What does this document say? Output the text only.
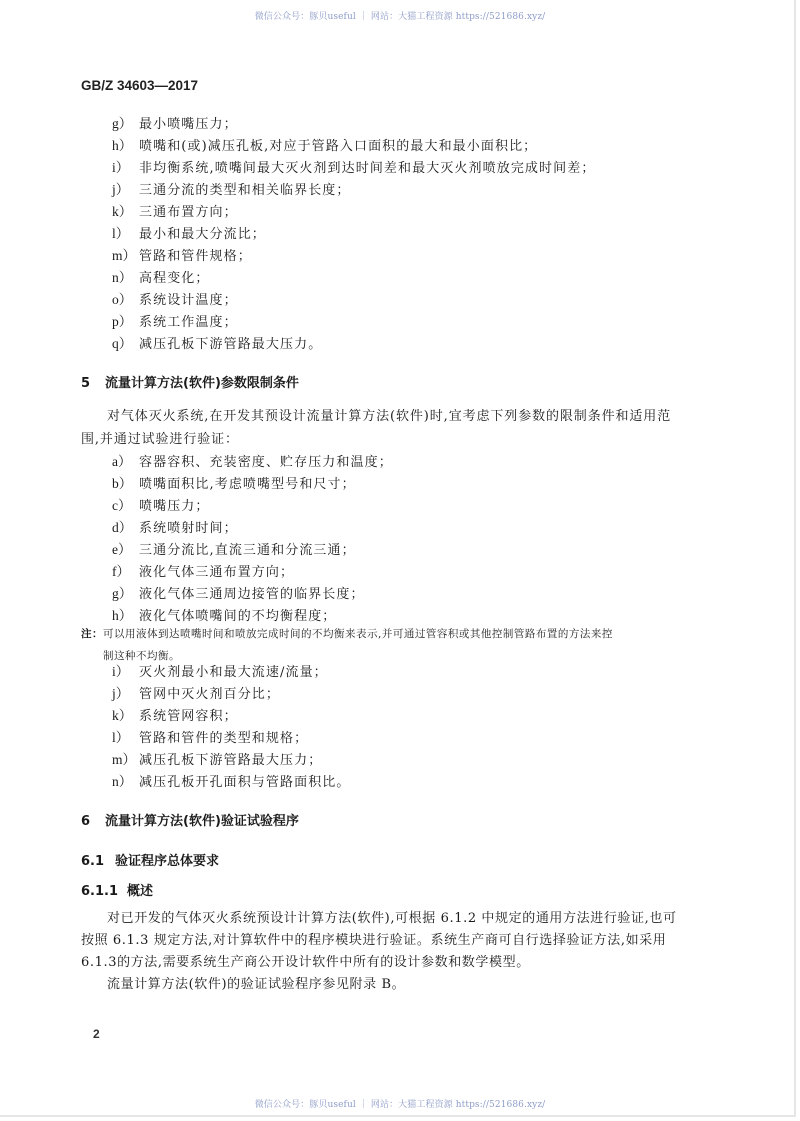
微信公众号：豚贝useful ｜ 网站：大猫工程资源 https://521686.xyz/
GB/Z 34603—2017
g） 最小喷嘴压力；
h） 喷嘴和(或)减压孔板,对应于管路入口面积的最大和最小面积比；
i） 非均衡系统,喷嘴间最大灭火剂到达时间差和最大灭火剂喷放完成时间差；
j） 三通分流的类型和相关临界长度；
k） 三通布置方向；
l） 最小和最大分流比；
m） 管路和管件规格；
n） 高程变化；
o） 系统设计温度；
p） 系统工作温度；
q） 减压孔板下游管路最大压力。
5 流量计算方法(软件)参数限制条件
对气体灭火系统,在开发其预设计流量计算方法(软件)时,宜考虑下列参数的限制条件和适用范
围,并通过试验进行验证：
a） 容器容积、充装密度、贮存压力和温度；
b） 喷嘴面积比,考虑喷嘴型号和尺寸；
c） 喷嘴压力；
d） 系统喷射时间；
e） 三通分流比,直流三通和分流三通；
f） 液化气体三通布置方向；
g） 液化气体三通周边接管的临界长度；
h） 液化气体喷嘴间的不均衡程度；
注：可以用液体到达喷嘴时间和喷放完成时间的不均衡来表示,并可通过管容积或其他控制管路布置的方法来控
制这种不均衡。
i） 灭火剂最小和最大流速/流量；
j） 管网中灭火剂百分比；
k） 系统管网容积；
l） 管路和管件的类型和规格；
m） 减压孔板下游管路最大压力；
n） 减压孔板开孔面积与管路面积比。
6 流量计算方法(软件)验证试验程序
6.1 验证程序总体要求
6.1.1 概述
对已开发的气体灭火系统预设计计算方法(软件),可根据 6.1.2 中规定的通用方法进行验证,也可
按照 6.1.3 规定方法,对计算软件中的程序模块进行验证。系统生产商可自行选择验证方法,如采用
6.1.3的方法,需要系统生产商公开设计软件中所有的设计参数和数学模型。
流量计算方法(软件)的验证试验程序参见附录 B。
2
微信公众号：豚贝useful ｜ 网站：大猫工程资源 https://521686.xyz/
